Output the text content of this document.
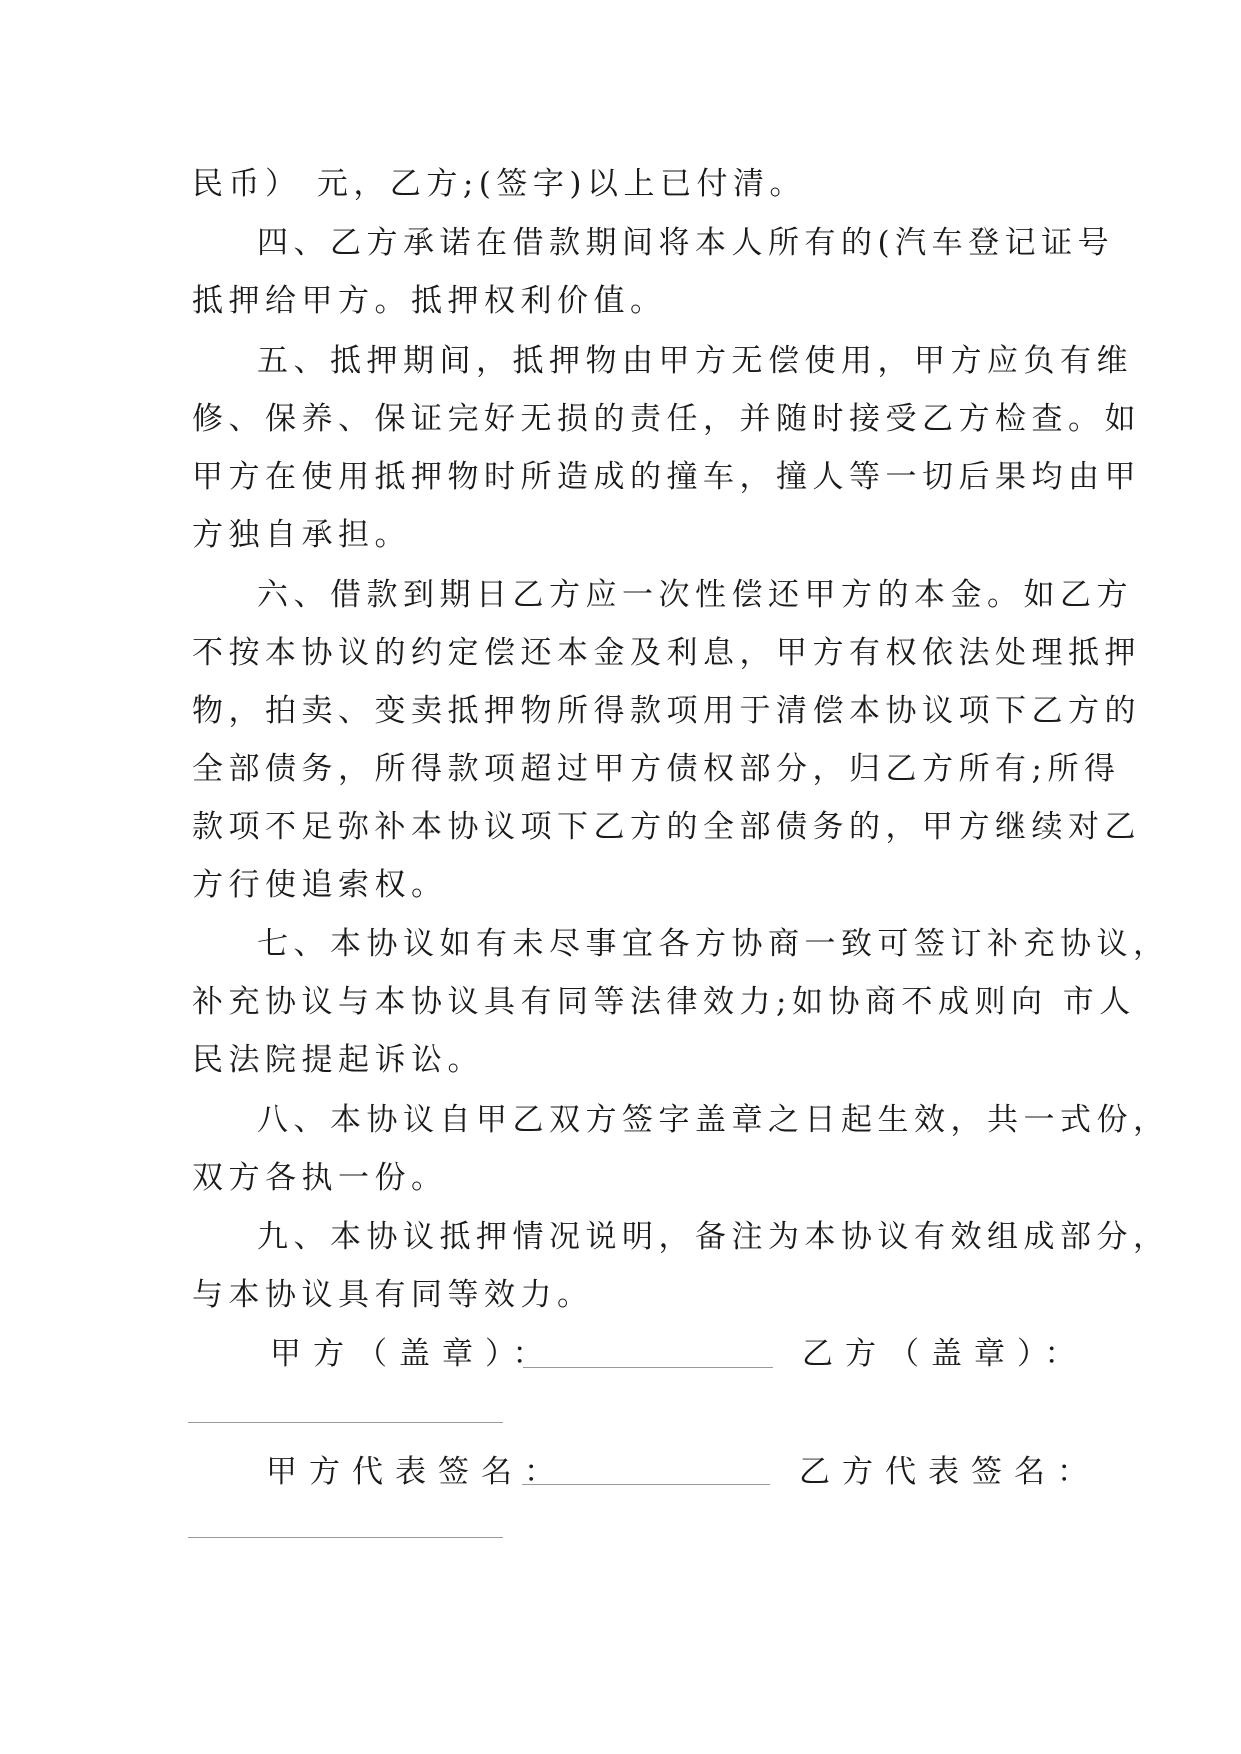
民币） 元，乙方;(签字)以上已付清。
四、乙方承诺在借款期间将本人所有的(汽车登记证号
抵押给甲方。抵押权利价值。
五、抵押期间，抵押物由甲方无偿使用，甲方应负有维
修、保养、保证完好无损的责任，并随时接受乙方检查。如
甲方在使用抵押物时所造成的撞车，撞人等一切后果均由甲
方独自承担。
六、借款到期日乙方应一次性偿还甲方的本金。如乙方
不按本协议的约定偿还本金及利息，甲方有权依法处理抵押
物，拍卖、变卖抵押物所得款项用于清偿本协议项下乙方的
全部债务，所得款项超过甲方债权部分，归乙方所有;所得
款项不足弥补本协议项下乙方的全部债务的，甲方继续对乙
方行使追索权。
七、本协议如有未尽事宜各方协商一致可签订补充协议，
补充协议与本协议具有同等法律效力;如协商不成则向 市人
民法院提起诉讼。
八、本协议自甲乙双方签字盖章之日起生效，共一式份，
双方各执一份。
九、本协议抵押情况说明，备注为本协议有效组成部分，
与本协议具有同等效力。
甲方（盖章）：	乙方（盖章）：
甲方代表签名：	乙方代表签名：
